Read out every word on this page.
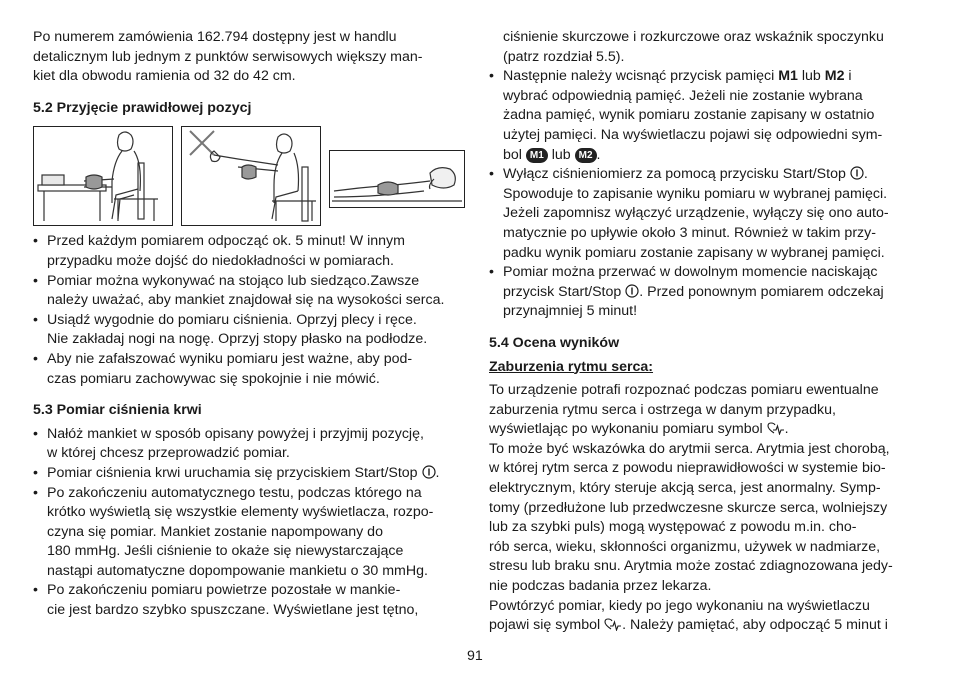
Po numerem zamówienia 162.794 dostępny jest w handlu
detalicznym lub jednym z punktów serwisowych większy man-
kiet dla obwodu ramienia od 32 do 42 cm.

5.2 Przyjęcie prawidłowej pozycj
• Przed każdym pomiarem odpocząć ok. 5 minut! W innym
przypadku może dojść do niedokładności w pomiarach.
• Pomiar można wykonywać na stojąco lub siedząco.Zawsze
należy uważać, aby mankiet znajdował się na wysokości serca.
• Usiądź wygodnie do pomiaru ciśnienia. Oprzyj plecy i ręce.
Nie zakładaj nogi na nogę. Oprzyj stopy płasko na podłodze.
• Aby nie zafałszować wyniku pomiaru jest ważne, aby pod-
czas pomiaru zachowywac się spokojnie i nie mówić.
5.3 Pomiar ciśnienia krwi
• Nałóż mankiet w sposób opisany powyżej i przyjmij pozycję,
w której chcesz przeprowadzić pomiar.
• Pomiar ciśnienia krwi uruchamia się przyciskiem Start/Stop .
• Po zakończeniu automatycznego testu, podczas którego na
krótko wyświetlą się wszystkie elementy wyświetlacza, rozpo-
czyna się pomiar. Mankiet zostanie napompowany do
180 mmHg. Jeśli ciśnienie to okaże się niewystarczające
nastąpi automatyczne dopompowanie mankietu o 30 mmHg.
• Po zakończeniu pomiaru powietrze pozostałe w mankie-
cie jest bardzo szybko spuszczane. Wyświetlane jest tętno,

ciśnienie skurczowe i rozkurczowe oraz wskaźnik spoczynku
(patrz rozdział 5.5).

• Następnie należy wcisnąć przycisk pamięci M1 lub M2 i
wybrać odpowiednią pamięć. Jeżeli nie zostanie wybrana
żadna pamięć, wynik pomiaru zostanie zapisany w ostatnio
użytej pamięci. Na wyświetlaczu pojawi się odpowiedni sym-
bol M1 lub M2 .
• Wyłącz ciśnieniomierz za pomocą przycisku Start/Stop .
Spowoduje to zapisanie wyniku pomiaru w wybranej pamięci.
Jeżeli zapomnisz wyłączyć urządzenie, wyłączy się ono auto-
matycznie po upływie około 3 minut. Również w takim przy-
padku wynik pomiaru zostanie zapisany w wybranej pamięci.
• Pomiar można przerwać w dowolnym momencie naciskając
przycisk Start/Stop . Przed ponownym pomiarem odczekaj
przynajmniej 5 minut!
5.4 Ocena wyników

Zaburzenia rytmu serca:

To urządzenie potrafi rozpoznać podczas pomiaru ewentualne
zaburzenia rytmu serca i ostrzega w danym przypadku,
wyświetlając po wykonaniu pomiaru symbol .
To może być wskazówka do arytmii serca. Arytmia jest chorobą,
w której rytm serca z powodu nieprawidłowości w systemie bio-
elektrycznym, który steruje akcją serca, jest anormalny. Symp-
tomy (przedłużone lub przedwczesne skurcze serca, wolniejszy
lub za szybki puls) mogą występować z powodu m.in. cho-
rób serca, wieku, skłonności organizmu, używek w nadmiarze,
stresu lub braku snu. Arytmia może zostać zdiagnozowana jedy-
nie podczas badania przez lekarza.
Powtórzyć pomiar, kiedy po jego wykonaniu na wyświetlaczu
pojawi się symbol . Należy pamiętać, aby odpocząć 5 minut i

91
